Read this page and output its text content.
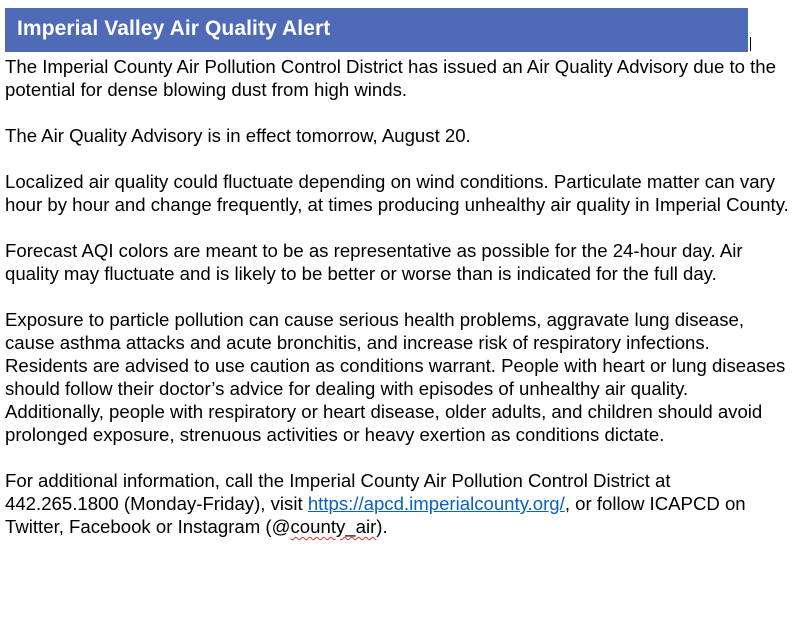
Imperial Valley Air Quality Alert

The Imperial County Air Pollution Control District has issued an Air Quality Advisory due to the potential for dense blowing dust from high winds.

The Air Quality Advisory is in effect tomorrow, August 20.

Localized air quality could fluctuate depending on wind conditions. Particulate matter can vary hour by hour and change frequently, at times producing unhealthy air quality in Imperial County.

Forecast AQI colors are meant to be as representative as possible for the 24-hour day. Air quality may fluctuate and is likely to be better or worse than is indicated for the full day.

Exposure to particle pollution can cause serious health problems, aggravate lung disease, cause asthma attacks and acute bronchitis, and increase risk of respiratory infections. Residents are advised to use caution as conditions warrant. People with heart or lung diseases should follow their doctor’s advice for dealing with episodes of unhealthy air quality. Additionally, people with respiratory or heart disease, older adults, and children should avoid prolonged exposure, strenuous activities or heavy exertion as conditions dictate.

For additional information, call the Imperial County Air Pollution Control District at 442.265.1800 (Monday-Friday), visit https://apcd.imperialcounty.org/, or follow ICAPCD on Twitter, Facebook or Instagram (@county_air).
